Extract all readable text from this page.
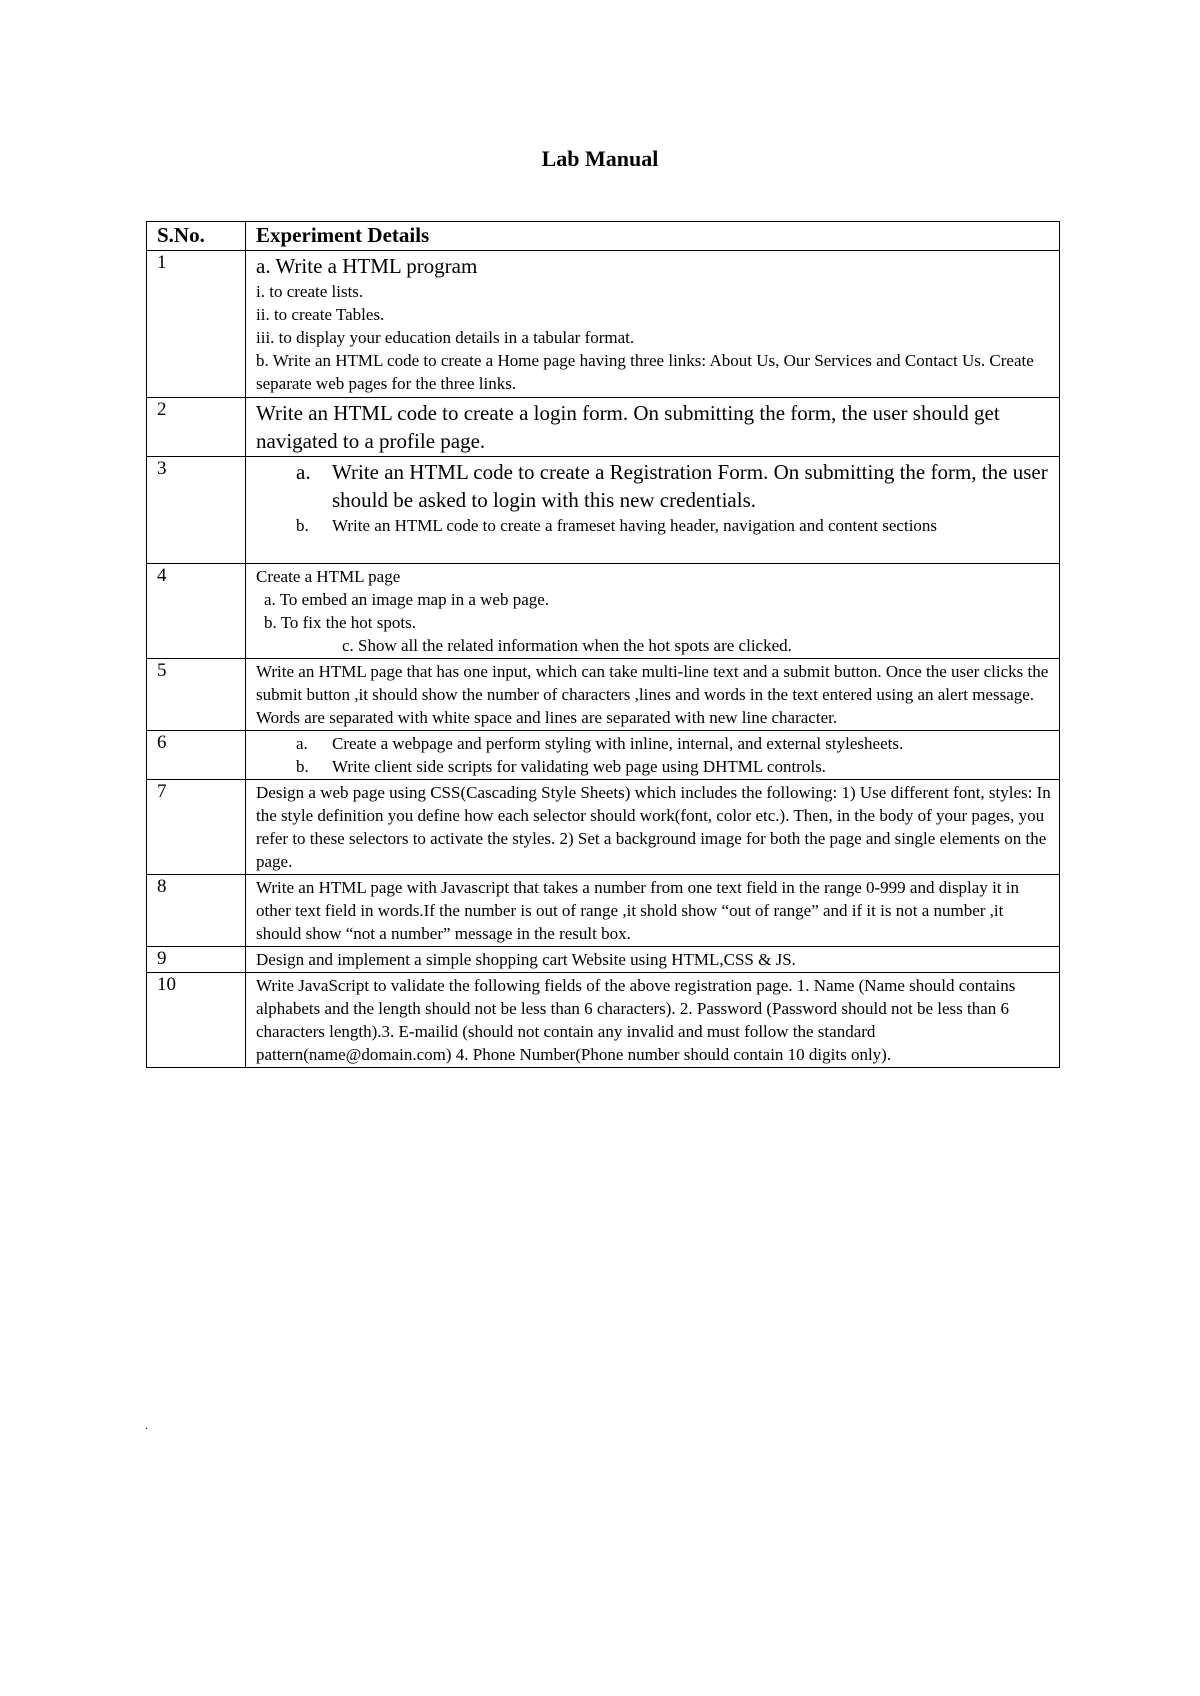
Lab Manual
S.No.	Experiment Details
1	a. Write a HTML program
i. to create lists.
ii. to create Tables.
iii. to display your education details in a tabular format.
b. Write an HTML code to create a Home page having three links: About Us, Our Services and Contact Us. Create separate web pages for the three links.

2	Write an HTML code to create a login form. On submitting the form, the user should get navigated to a profile page.

3	a. Write an HTML code to create a Registration Form. On submitting the form, the user should be asked to login with this new credentials.
b. Write an HTML code to create a frameset having header, navigation and content sections

4	Create a HTML page
a. To embed an image map in a web page.
b. To fix the hot spots.
c. Show all the related information when the hot spots are clicked.

5	Write an HTML page that has one input, which can take multi-line text and a submit button. Once the user clicks the submit button ,it should show the number of characters ,lines and words in the text entered using an alert message. Words are separated with white space and lines are separated with new line character.

6	a. Create a webpage and perform styling with inline, internal, and external stylesheets.
b. Write client side scripts for validating web page using DHTML controls.

7	Design a web page using CSS(Cascading Style Sheets) which includes the following: 1) Use different font, styles: In the style definition you define how each selector should work(font, color etc.). Then, in the body of your pages, you refer to these selectors to activate the styles. 2) Set a background image for both the page and single elements on the page.

8	Write an HTML page with Javascript that takes a number from one text field in the range 0-999 and display it in other text field in words.If the number is out of range ,it shold show “out of range” and if it is not a number ,it should show “not a number” message in the result box.

9	Design and implement a simple shopping cart Website using HTML,CSS & JS.

10	Write JavaScript to validate the following fields of the above registration page. 1. Name (Name should contains alphabets and the length should not be less than 6 characters). 2. Password (Password should not be less than 6 characters length).3. E-mailid (should not contain any invalid and must follow the standard pattern(name@domain.com) 4. Phone Number(Phone number should contain 10 digits only).
.
